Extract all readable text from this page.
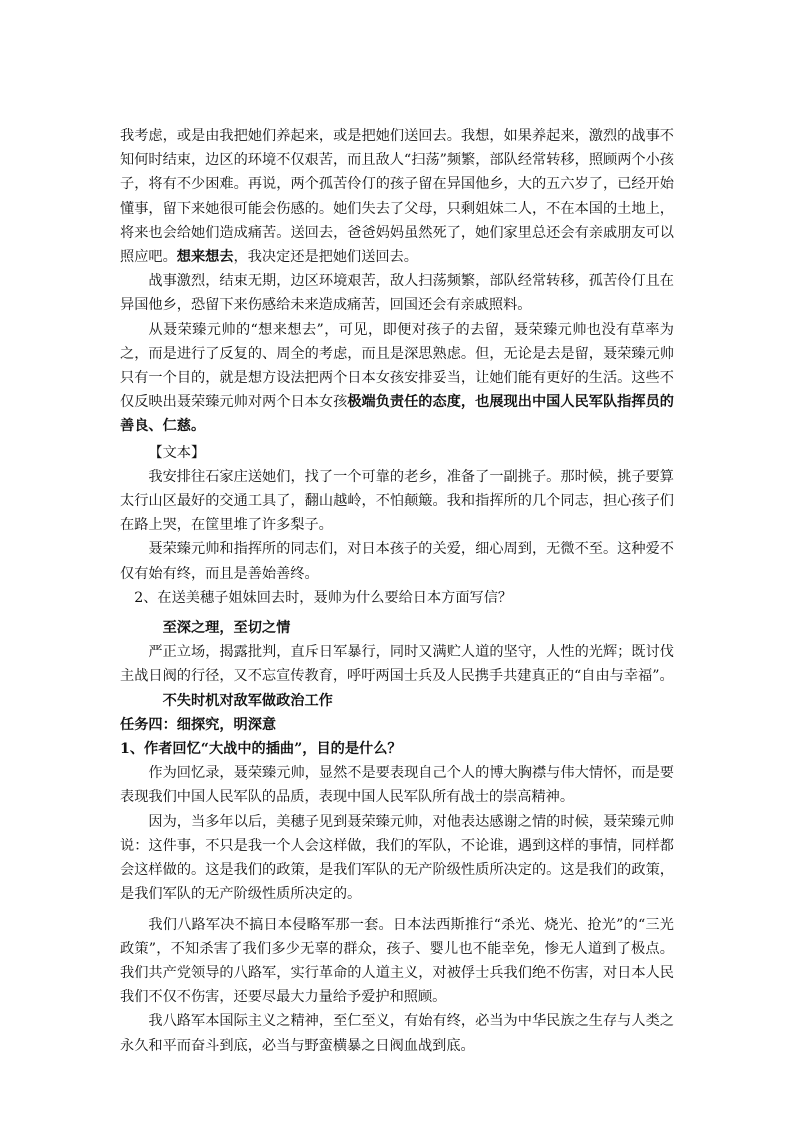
我考虑，或是由我把她们养起来，或是把她们送回去。我想，如果养起来，激烈的战事不知何时结束，边区的环境不仅艰苦，而且敌人“扫荡”频繁，部队经常转移，照顾两个小孩子，将有不少困难。再说，两个孤苦伶仃的孩子留在异国他乡，大的五六岁了，已经开始懂事，留下来她很可能会伤感的。她们失去了父母，只剩姐妹二人，不在本国的土地上，将来也会给她们造成痛苦。送回去，爸爸妈妈虽然死了，她们家里总还会有亲戚朋友可以照应吧。想来想去，我决定还是把她们送回去。

战事激烈，结束无期，边区环境艰苦，敌人扫荡频繁，部队经常转移，孤苦伶仃且在异国他乡，恐留下来伤感给未来造成痛苦，回国还会有亲戚照料。

从聂荣臻元帅的“想来想去”，可见，即便对孩子的去留，聂荣臻元帅也没有草率为之，而是进行了反复的、周全的考虑，而且是深思熟虑。但，无论是去是留，聂荣臻元帅只有一个目的，就是想方设法把两个日本女孩安排妥当，让她们能有更好的生活。这些不仅反映出聂荣臻元帅对两个日本女孩极端负责任的态度，也展现出中国人民军队指挥员的善良、仁慈。

【文本】

我安排往石家庄送她们，找了一个可靠的老乡，准备了一副挑子。那时候，挑子要算太行山区最好的交通工具了，翻山越岭，不怕颠簸。我和指挥所的几个同志，担心孩子们在路上哭，在筐里堆了许多梨子。

聂荣臻元帅和指挥所的同志们，对日本孩子的关爱，细心周到，无微不至。这种爱不仅有始有终，而且是善始善终。

2、在送美穗子姐妹回去时，聂帅为什么要给日本方面写信？

至深之理，至切之情

严正立场，揭露批判，直斥日军暴行，同时又满贮人道的坚守，人性的光辉；既讨伐主战日阀的行径，又不忘宣传教育，呼吁两国士兵及人民携手共建真正的“自由与幸福”。

不失时机对敌军做政治工作

任务四：细探究，明深意

1、作者回忆“大战中的插曲”，目的是什么？

作为回忆录，聂荣臻元帅，显然不是要表现自己个人的博大胸襟与伟大情怀，而是要表现我们中国人民军队的品质，表现中国人民军队所有战士的崇高精神。

因为，当多年以后，美穗子见到聂荣臻元帅，对他表达感谢之情的时候，聂荣臻元帅说：这件事，不只是我一个人会这样做，我们的军队，不论谁，遇到这样的事情，同样都会这样做的。这是我们的政策，是我们军队的无产阶级性质所决定的。这是我们的政策，是我们军队的无产阶级性质所决定的。

我们八路军决不搞日本侵略军那一套。日本法西斯推行“杀光、烧光、抢光”的“三光政策”，不知杀害了我们多少无辜的群众，孩子、婴儿也不能幸免，惨无人道到了极点。我们共产党领导的八路军，实行革命的人道主义，对被俘士兵我们绝不伤害，对日本人民我们不仅不伤害，还要尽最大力量给予爱护和照顾。

我八路军本国际主义之精神，至仁至义，有始有终，必当为中华民族之生存与人类之永久和平而奋斗到底，必当与野蛮横暴之日阀血战到底。
